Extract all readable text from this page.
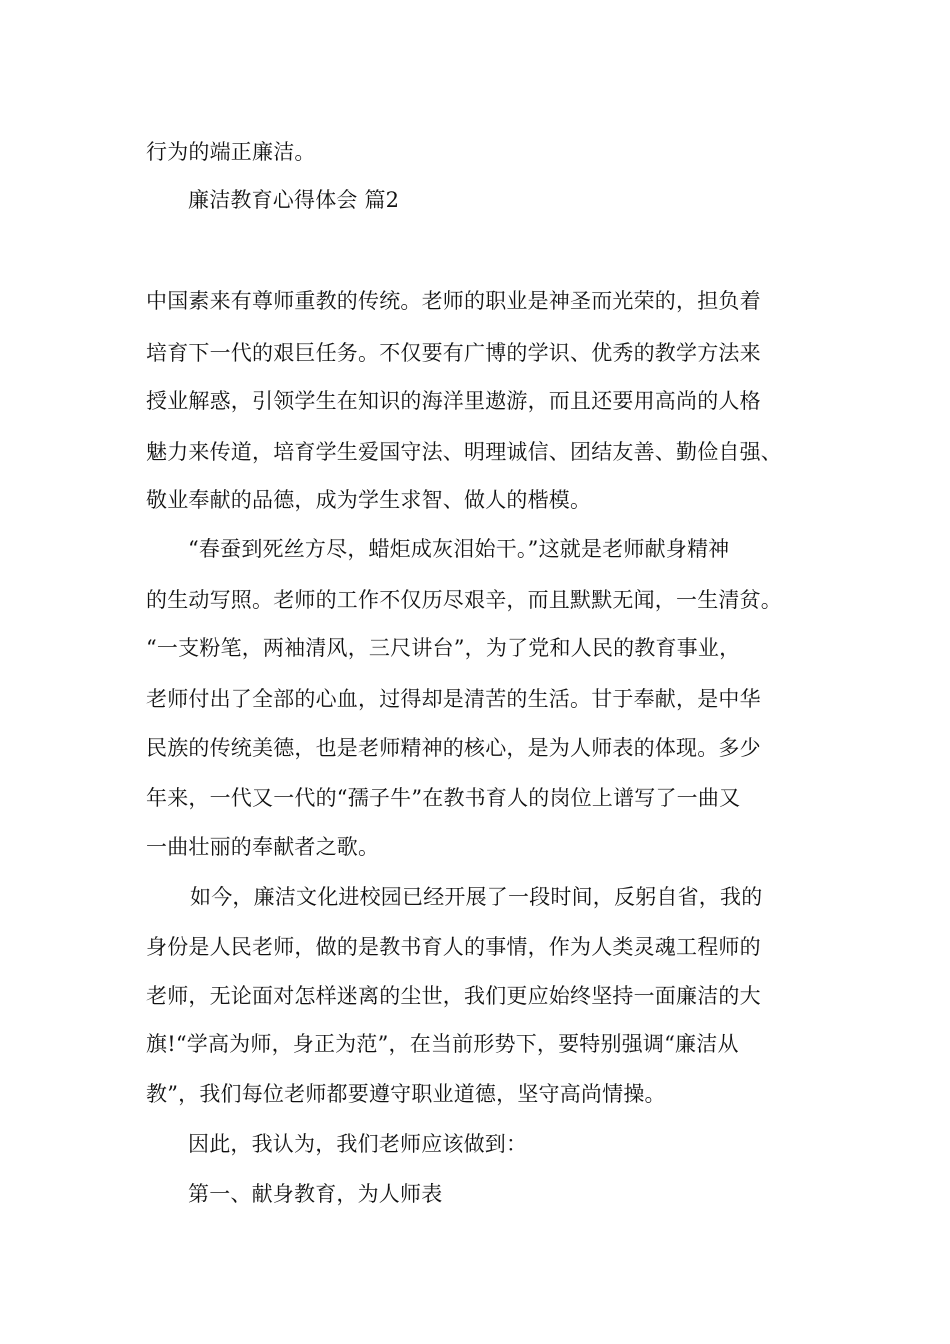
行为的端正廉洁。
廉洁教育心得体会 篇2
中国素来有尊师重教的传统。老师的职业是神圣而光荣的，担负着
培育下一代的艰巨任务。不仅要有广博的学识、优秀的教学方法来
授业解惑，引领学生在知识的海洋里遨游，而且还要用高尚的人格
魅力来传道，培育学生爱国守法、明理诚信、团结友善、勤俭自强、
敬业奉献的品德，成为学生求智、做人的楷模。
“春蚕到死丝方尽，蜡炬成灰泪始干。”这就是老师献身精神
的生动写照。老师的工作不仅历尽艰辛，而且默默无闻，一生清贫。
“一支粉笔，两袖清风，三尺讲台”，为了党和人民的教育事业，
老师付出了全部的心血，过得却是清苦的生活。甘于奉献，是中华
民族的传统美德，也是老师精神的核心，是为人师表的体现。多少
年来，一代又一代的“孺子牛”在教书育人的岗位上谱写了一曲又
一曲壮丽的奉献者之歌。
如今，廉洁文化进校园已经开展了一段时间，反躬自省，我的
身份是人民老师，做的是教书育人的事情，作为人类灵魂工程师的
老师，无论面对怎样迷离的尘世，我们更应始终坚持一面廉洁的大
旗!“学高为师，身正为范”，在当前形势下，要特别强调“廉洁从
教”，我们每位老师都要遵守职业道德，坚守高尚情操。
因此，我认为，我们老师应该做到：
第一、献身教育，为人师表
